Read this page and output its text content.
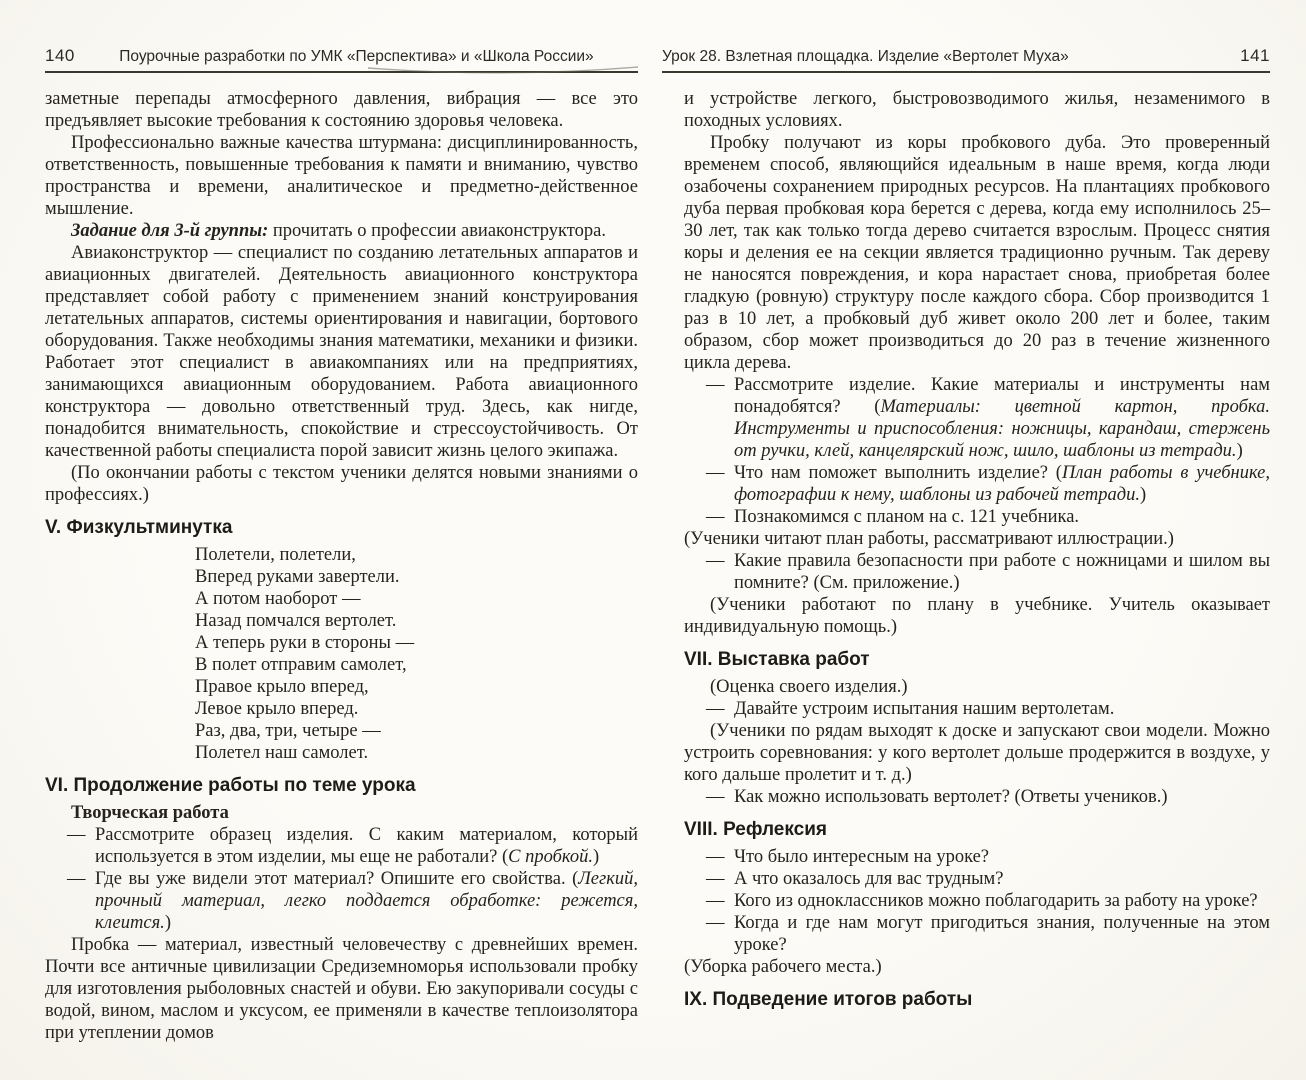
140	Поурочные разработки по УМК «Перспектива» и «Школа России»

заметные перепады атмосферного давления, вибрация — все это предъявляет высокие требования к состоянию здоровья человека.

Профессионально важные качества штурмана: дисциплинированность, ответственность, повышенные требования к памяти и вниманию, чувство пространства и времени, аналитическое и предметно-действенное мышление.

Задание для 3-й группы: прочитать о профессии авиаконструктора.

Авиаконструктор — специалист по созданию летательных аппаратов и авиационных двигателей. Деятельность авиационного конструктора представляет собой работу с применением знаний конструирования летательных аппаратов, системы ориентирования и навигации, бортового оборудования. Также необходимы знания математики, механики и физики. Работает этот специалист в авиакомпаниях или на предприятиях, занимающихся авиационным оборудованием. Работа авиационного конструктора — довольно ответственный труд. Здесь, как нигде, понадобится внимательность, спокойствие и стрессоустойчивость. От качественной работы специалиста порой зависит жизнь целого экипажа.

(По окончании работы с текстом ученики делятся новыми знаниями о профессиях.)

V. Физкультминутка
Полетели, полетели,
Вперед руками завертели.
А потом наоборот —
Назад помчался вертолет.
А теперь руки в стороны —
В полет отправим самолет,
Правое крыло вперед,
Левое крыло вперед.
Раз, два, три, четыре —
Полетел наш самолет.
VI. Продолжение работы по теме урока
Творческая работа

— Рассмотрите образец изделия. С каким материалом, который используется в этом изделии, мы еще не работали? (С пробкой.)

— Где вы уже видели этот материал? Опишите его свойства. (Легкий, прочный материал, легко поддается обработке: режется, клеится.)

Пробка — материал, известный человечеству с древнейших времен. Почти все античные цивилизации Средиземноморья использовали пробку для изготовления рыболовных снастей и обуви. Ею закупоривали сосуды с водой, вином, маслом и уксусом, ее применяли в качестве теплоизолятора при утеплении домов

Урок 28. Взлетная площадка. Изделие «Вертолет Муха»	141

и устройстве легкого, быстровозводимого жилья, незаменимого в походных условиях.

Пробку получают из коры пробкового дуба. Это проверенный временем способ, являющийся идеальным в наше время, когда люди озабочены сохранением природных ресурсов. На плантациях пробкового дуба первая пробковая кора берется с дерева, когда ему исполнилось 25–30 лет, так как только тогда дерево считается взрослым. Процесс снятия коры и деления ее на секции является традиционно ручным. Так дереву не наносятся повреждения, и кора нарастает снова, приобретая более гладкую (ровную) структуру после каждого сбора. Сбор производится 1 раз в 10 лет, а пробковый дуб живет около 200 лет и более, таким образом, сбор может производиться до 20 раз в течение жизненного цикла дерева.

— Рассмотрите изделие. Какие материалы и инструменты нам понадобятся? (Материалы: цветной картон, пробка. Инструменты и приспособления: ножницы, карандаш, стержень от ручки, клей, канцелярский нож, шило, шаблоны из тетради.)

— Что нам поможет выполнить изделие? (План работы в учебнике, фотографии к нему, шаблоны из рабочей тетради.)

— Познакомимся с планом на с. 121 учебника.

(Ученики читают план работы, рассматривают иллюстрации.)

— Какие правила безопасности при работе с ножницами и шилом вы помните? (См. приложение.)

(Ученики работают по плану в учебнике. Учитель оказывает индивидуальную помощь.)

VII. Выставка работ

(Оценка своего изделия.)

— Давайте устроим испытания нашим вертолетам.

(Ученики по рядам выходят к доске и запускают свои модели. Можно устроить соревнования: у кого вертолет дольше продержится в воздухе, у кого дальше пролетит и т. д.)

— Как можно использовать вертолет? (Ответы учеников.)

VIII. Рефлексия

— Что было интересным на уроке?

— А что оказалось для вас трудным?

— Кого из одноклассников можно поблагодарить за работу на уроке?

— Когда и где нам могут пригодиться знания, полученные на этом уроке?

(Уборка рабочего места.)

IX. Подведение итогов работы
